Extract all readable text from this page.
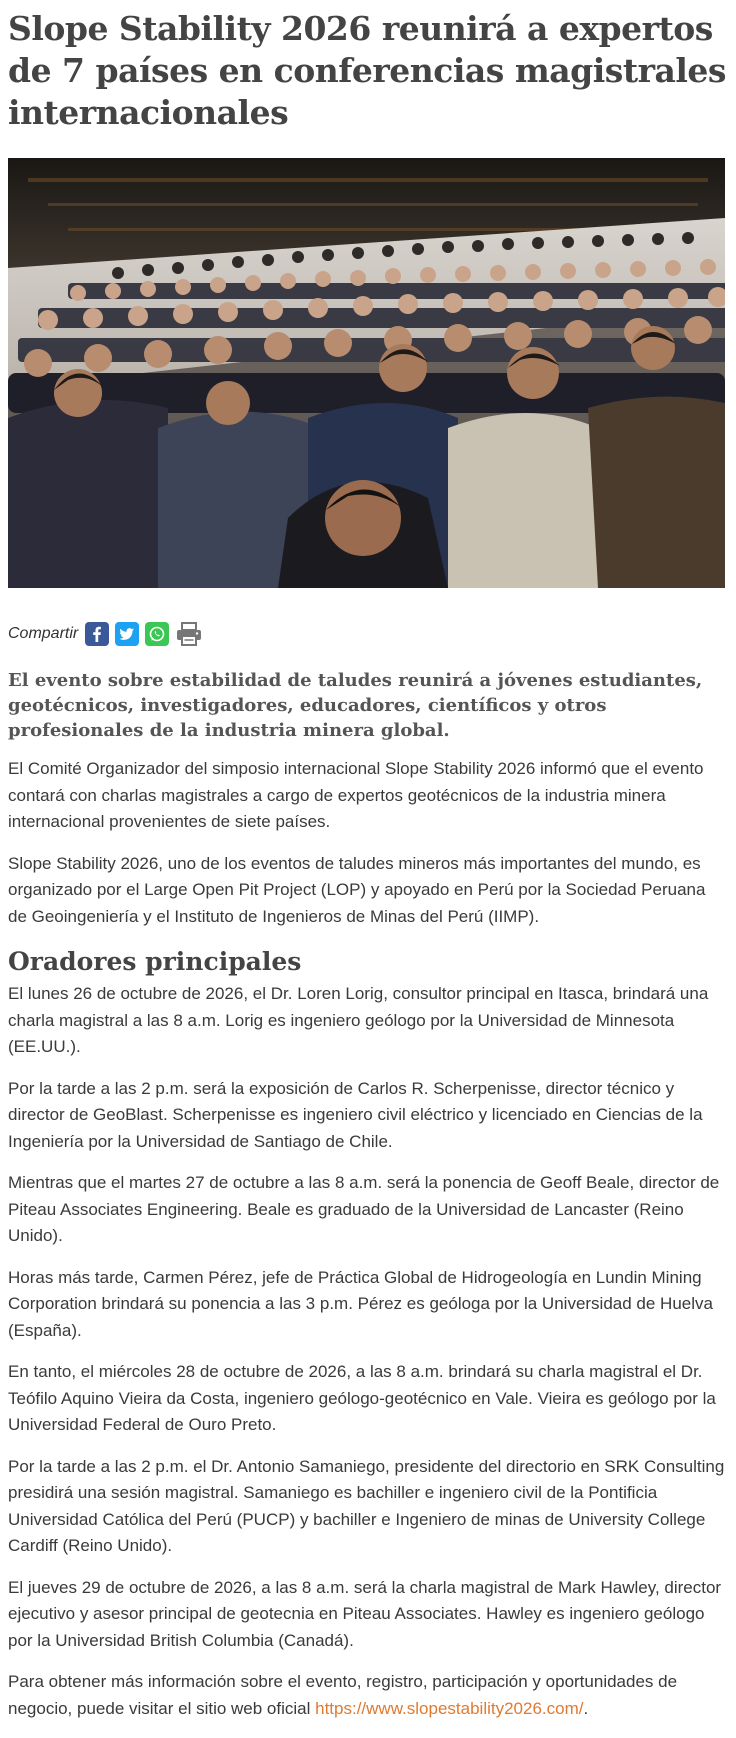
Slope Stability 2026 reunirá a expertos de 7 países en conferencias magistrales internacionales
Compartir

El evento sobre estabilidad de taludes reunirá a jóvenes estudiantes, geotécnicos, investigadores, educadores, científicos y otros profesionales de la industria minera global.

El Comité Organizador del simposio internacional Slope Stability 2026 informó que el evento contará con charlas magistrales a cargo de expertos geotécnicos de la industria minera internacional provenientes de siete países.

Slope Stability 2026, uno de los eventos de taludes mineros más importantes del mundo, es organizado por el Large Open Pit Project (LOP) y apoyado en Perú por la Sociedad Peruana de Geoingeniería y el Instituto de Ingenieros de Minas del Perú (IIMP).

Oradores principales

El lunes 26 de octubre de 2026, el Dr. Loren Lorig, consultor principal en Itasca, brindará una charla magistral a las 8 a.m. Lorig es ingeniero geólogo por la Universidad de Minnesota (EE.UU.).

Por la tarde a las 2 p.m. será la exposición de Carlos R. Scherpenisse, director técnico y director de GeoBlast. Scherpenisse es ingeniero civil eléctrico y licenciado en Ciencias de la Ingeniería por la Universidad de Santiago de Chile.

Mientras que el martes 27 de octubre a las 8 a.m. será la ponencia de Geoff Beale, director de Piteau Associates Engineering. Beale es graduado de la Universidad de Lancaster (Reino Unido).

Horas más tarde, Carmen Pérez, jefe de Práctica Global de Hidrogeología en Lundin Mining Corporation brindará su ponencia a las 3 p.m. Pérez es geóloga por la Universidad de Huelva (España).

En tanto, el miércoles 28 de octubre de 2026, a las 8 a.m. brindará su charla magistral el Dr. Teófilo Aquino Vieira da Costa, ingeniero geólogo-geotécnico en Vale. Vieira es geólogo por la Universidad Federal de Ouro Preto.

Por la tarde a las 2 p.m. el Dr. Antonio Samaniego, presidente del directorio en SRK Consulting presidirá una sesión magistral. Samaniego es bachiller e ingeniero civil de la Pontificia Universidad Católica del Perú (PUCP) y bachiller e Ingeniero de minas de University College Cardiff (Reino Unido).

El jueves 29 de octubre de 2026, a las 8 a.m. será la charla magistral de Mark Hawley, director ejecutivo y asesor principal de geotecnia en Piteau Associates. Hawley es ingeniero geólogo por la Universidad British Columbia (Canadá).

Para obtener más información sobre el evento, registro, participación y oportunidades de negocio, puede visitar el sitio web oficial https://www.slopestability2026.com/.
